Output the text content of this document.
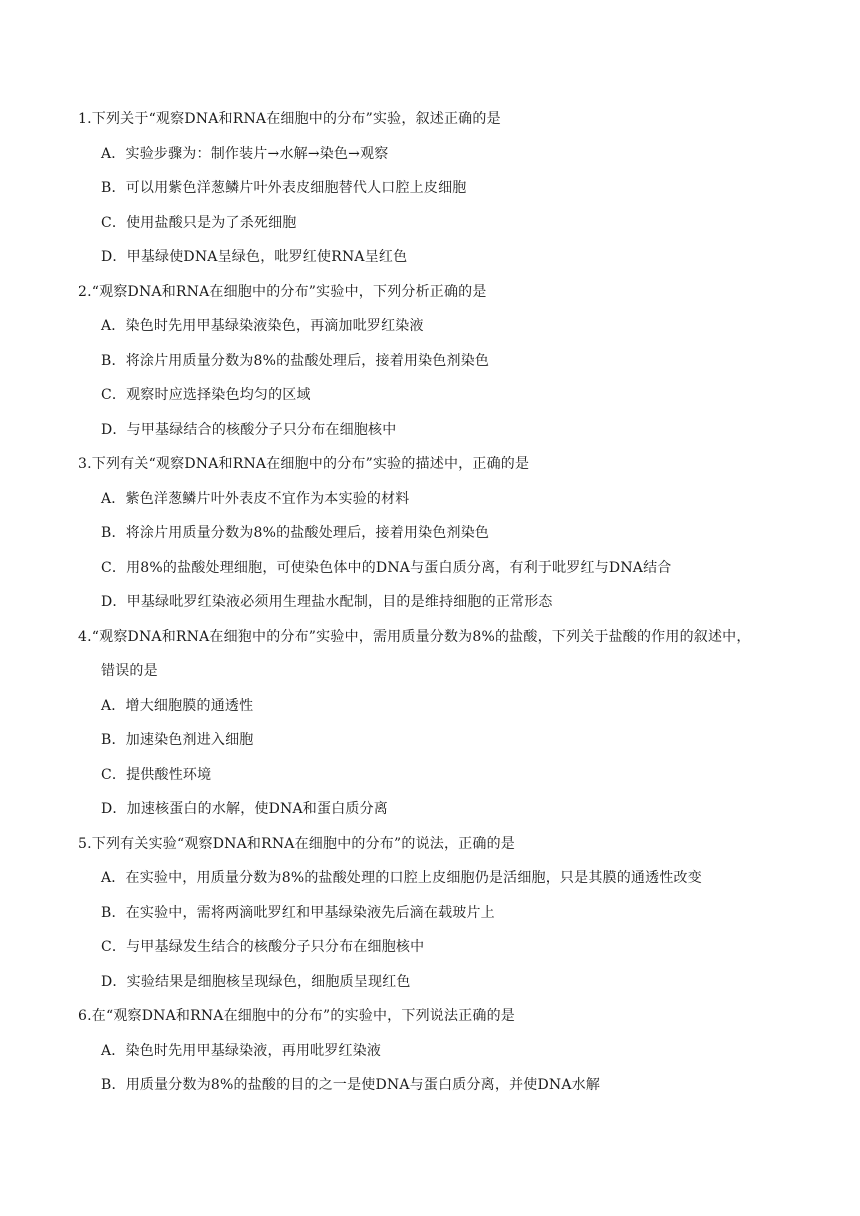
1.下列关于“观察DNA和RNA在细胞中的分布”实验，叙述正确的是
A．实验步骤为：制作装片→水解→染色→观察
B．可以用紫色洋葱鳞片叶外表皮细胞替代人口腔上皮细胞
C．使用盐酸只是为了杀死细胞
D．甲基绿使DNA呈绿色，吡罗红使RNA呈红色
2.“观察DNA和RNA在细胞中的分布”实验中，下列分析正确的是
A．染色时先用甲基绿染液染色，再滴加吡罗红染液
B．将涂片用质量分数为8%的盐酸处理后，接着用染色剂染色
C．观察时应选择染色均匀的区域
D．与甲基绿结合的核酸分子只分布在细胞核中
3.下列有关“观察DNA和RNA在细胞中的分布”实验的描述中，正确的是
A．紫色洋葱鳞片叶外表皮不宜作为本实验的材料
B．将涂片用质量分数为8%的盐酸处理后，接着用染色剂染色
C．用8%的盐酸处理细胞，可使染色体中的DNA与蛋白质分离，有利于吡罗红与DNA结合
D．甲基绿吡罗红染液必须用生理盐水配制，目的是维持细胞的正常形态
4.“观察DNA和RNA在细狍中的分布”实验中，需用质量分数为8%的盐酸，下列关于盐酸的作用的叙述中，
错误的是
A．增大细胞膜的通透性
B．加速染色剂进入细胞
C．提供酸性环境
D．加速核蛋白的水解，使DNA和蛋白质分离
5.下列有关实验“观察DNA和RNA在细胞中的分布”的说法，正确的是
A．在实验中，用质量分数为8%的盐酸处理的口腔上皮细胞仍是活细胞，只是其膜的通透性改变
B．在实验中，需将两滴吡罗红和甲基绿染液先后滴在载玻片上
C．与甲基绿发生结合的核酸分子只分布在细胞核中
D．实验结果是细胞核呈现绿色，细胞质呈现红色
6.在“观察DNA和RNA在细胞中的分布”的实验中，下列说法正确的是
A．染色时先用甲基绿染液，再用吡罗红染液
B．用质量分数为8%的盐酸的目的之一是使DNA与蛋白质分离，并使DNA水解
